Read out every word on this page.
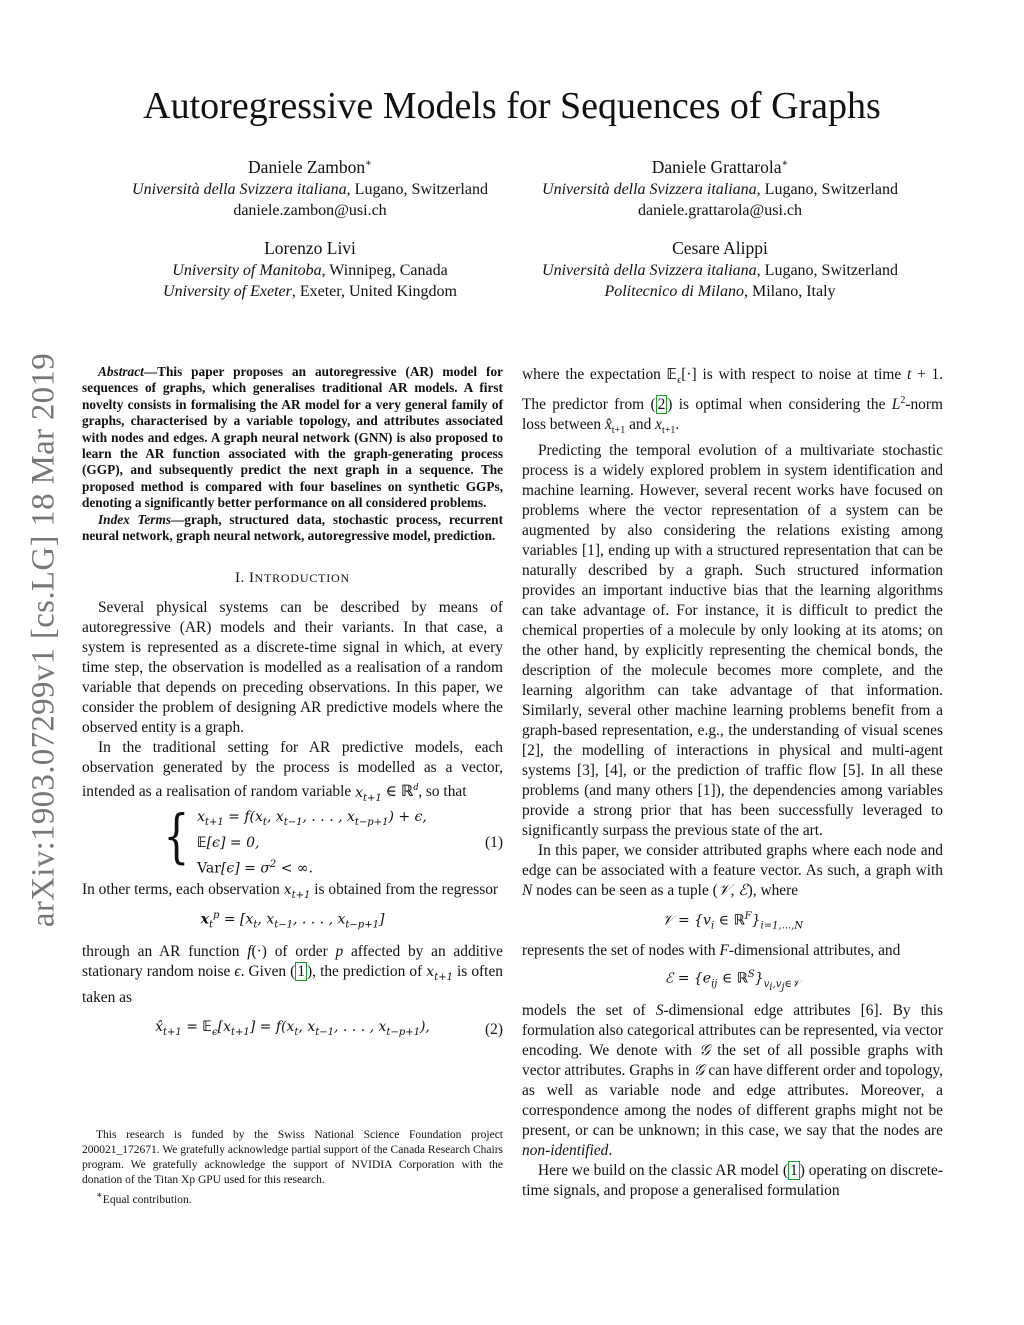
Autoregressive Models for Sequences of Graphs
Daniele Zambon∗
Università della Svizzera italiana, Lugano, Switzerland
daniele.zambon@usi.ch
Daniele Grattarola∗
Università della Svizzera italiana, Lugano, Switzerland
daniele.grattarola@usi.ch
Lorenzo Livi
University of Manitoba, Winnipeg, Canada
University of Exeter, Exeter, United Kingdom
Cesare Alippi
Università della Svizzera italiana, Lugano, Switzerland
Politecnico di Milano, Milano, Italy
arXiv:1903.07299v1 [cs.LG] 18 Mar 2019	Abstract—This paper proposes an autoregressive (AR) model for sequences of graphs, which generalises traditional AR models. A first novelty consists in formalising the AR model for a very general family of graphs, characterised by a variable topology, and attributes associated with nodes and edges. A graph neural network (GNN) is also proposed to learn the AR function associated with the graph-generating process (GGP), and subsequently predict the next graph in a sequence. The proposed method is compared with four baselines on synthetic GGPs, denoting a significantly better performance on all considered problems.
Index Terms—graph, structured data, stochastic process, recurrent neural network, graph neural network, autoregressive model, prediction.
I. INTRODUCTION

Several physical systems can be described by means of autoregressive (AR) models and their variants. In that case, a system is represented as a discrete-time signal in which, at every time step, the observation is modelled as a realisation of a random variable that depends on preceding observations. In this paper, we consider the problem of designing AR predictive models where the observed entity is a graph.

In the traditional setting for AR predictive models, each observation generated by the process is modelled as a vector, intended as a realisation of random variable $x_{t+1}$ ∈ ℝ$^d$, so that

{ $x_{t+1} = f(x_t$, $x_{t-1}$, . . . , $x_{t-p+1}) + \epsilon$,
𝔼[ϵ] = 0,
$Var[\epsilon] = \sigma^2$ < ∞.
(1)

In other terms, each observation $x_{t+1}$ is obtained from the regressor

$x_t^p = [x_t$, $x_{t-1}$, . . . , $x_{t-p+1}$]

through an AR function f(·) of order p affected by an additive stationary random noise ϵ. Given ( 1 ), the prediction of $x_{t+1}$ is often taken as

$x̂_{t+1}$ = $𝔼_\epsilon[x_{t+1}] = f(x_t$, $x_{t-1}$, . . . , $x_{t-p+1}$),	(2)

This research is funded by the Swiss National Science Foundation project 200021_172671. We gratefully acknowledge partial support of the Canada Research Chairs program. We gratefully acknowledge the support of NVIDIA Corporation with the donation of the Titan Xp GPU used for this research.

∗Equal contribution.

where the expectation 𝔼$_\epsilon$[·] is with respect to noise at time t + 1. The predictor from ( 2 ) is optimal when considering the $L^2$-norm loss between $x̂_{t+1}$ and $x_{t+1}$.

Predicting the temporal evolution of a multivariate stochastic process is a widely explored problem in system identification and machine learning. However, several recent works have focused on problems where the vector representation of a system can be augmented by also considering the relations existing among variables [1], ending up with a structured representation that can be naturally described by a graph. Such structured information provides an important inductive bias that the learning algorithms can take advantage of. For instance, it is difficult to predict the chemical properties of a molecule by only looking at its atoms; on the other hand, by explicitly representing the chemical bonds, the description of the molecule becomes more complete, and the learning algorithm can take advantage of that information. Similarly, several other machine learning problems benefit from a graph-based representation, e.g., the understanding of visual scenes [2], the modelling of interactions in physical and multi-agent systems [3], [4], or the prediction of traffic flow [5]. In all these problems (and many others [1]), the dependencies among variables provide a strong prior that has been successfully leveraged to significantly surpass the previous state of the art.

In this paper, we consider attributed graphs where each node and edge can be associated with a feature vector. As such, a graph with N nodes can be seen as a tuple (𝒱, ℰ), where

𝒱 = {$v_i$ ∈ $ℝ^F\}_{i=1,...,N}$

represents the set of nodes with F-dimensional attributes, and

ℰ = {$e_{ij}$ ∈ $ℝ^S\}_{v_i,v_j\in 𝒱}$

models the set of S-dimensional edge attributes [6]. By this formulation also categorical attributes can be represented, via vector encoding. We denote with 𝒢 the set of all possible graphs with vector attributes. Graphs in 𝒢 can have different order and topology, as well as variable node and edge attributes. Moreover, a correspondence among the nodes of different graphs might not be present, or can be unknown; in this case, we say that the nodes are non-identified.

Here we build on the classic AR model ( 1 ) operating on discrete-time signals, and propose a generalised formulation
